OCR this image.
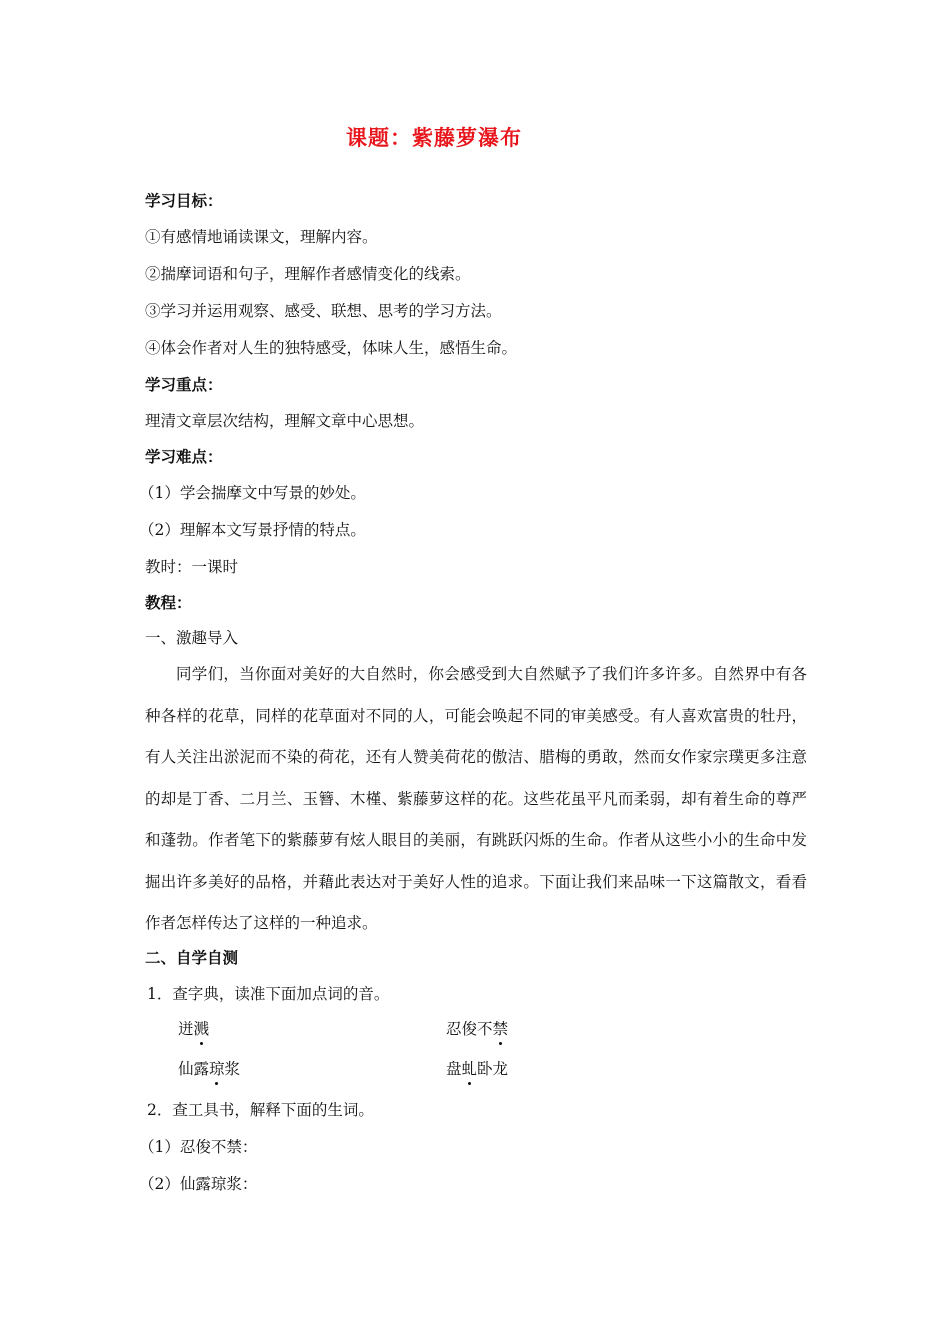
课题：紫藤萝瀑布
学习目标：
①有感情地诵读课文，理解内容。
②揣摩词语和句子，理解作者感情变化的线索。
③学习并运用观察、感受、联想、思考的学习方法。
④体会作者对人生的独特感受，体味人生，感悟生命。
学习重点：
理清文章层次结构，理解文章中心思想。
学习难点：
（1）学会揣摩文中写景的妙处。
（2）理解本文写景抒情的特点。
教时：一课时
教程：
一、激趣导入
同学们，当你面对美好的大自然时，你会感受到大自然赋予了我们许多许多。自然界中有各种各样的花草，同样的花草面对不同的人，可能会唤起不同的审美感受。有人喜欢富贵的牡丹，有人关注出淤泥而不染的荷花，还有人赞美荷花的傲洁、腊梅的勇敢，然而女作家宗璞更多注意的却是丁香、二月兰、玉簪、木槿、紫藤萝这样的花。这些花虽平凡而柔弱，却有着生命的尊严和蓬勃。作者笔下的紫藤萝有炫人眼目的美丽，有跳跃闪烁的生命。作者从这些小小的生命中发掘出许多美好的品格，并藉此表达对于美好人性的追求。下面让我们来品味一下这篇散文，看看作者怎样传达了这样的一种追求。
二、自学自测
1．查字典，读准下面加点词的音。
迸溅	忍俊不禁
仙露琼浆	盘虬卧龙
2．查工具书，解释下面的生词。
（1）忍俊不禁：
（2）仙露琼浆：
